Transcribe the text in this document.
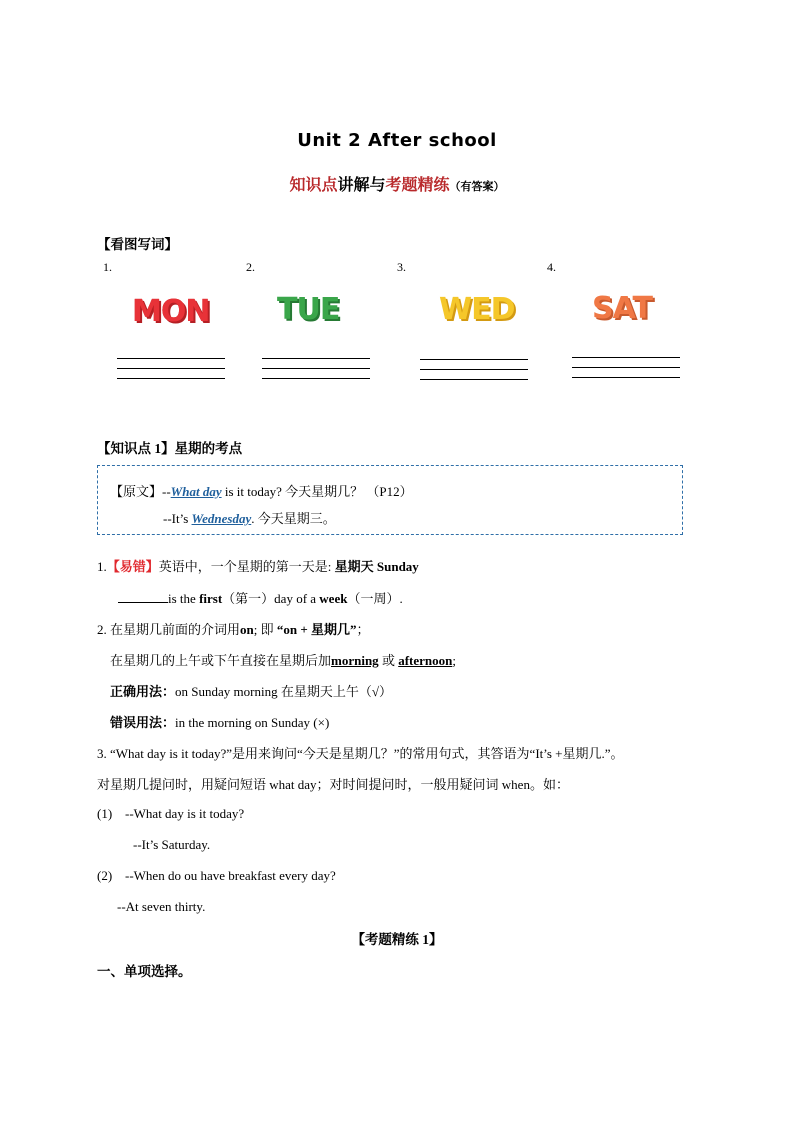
Unit 2 After school
知识点讲解与考题精练（有答案）
【看图写词】
1.	2.	3.	4.
MON TUE	WED	SAT
【知识点 1】星期的考点
【原文】--What day is it today? 今天星期几？ （P12）
--It’s Wednesday. 今天星期三。
1.【易错】英语中，一个星期的第一天是: 星期天 Sunday
is the first（第一）day of a week（一周）.
2. 在星期几前面的介词用on; 即 “on + 星期几”；
在星期几的上午或下午直接在星期后加morning 或 afternoon;
正确用法：on Sunday morning 在星期天上午（√）
错误用法：in the morning on Sunday (×)
3. “What day is it today?”是用来询问“今天是星期几？”的常用句式，其答语为“It’s +星期几.”。
对星期几提问时，用疑问短语 what day；对时间提问时，一般用疑问词 when。如：
(1) --What day is it today?
--It’s Saturday.
(2) --When do ou have breakfast every day?
--At seven thirty.
【考题精练 1】
一、单项选择。
